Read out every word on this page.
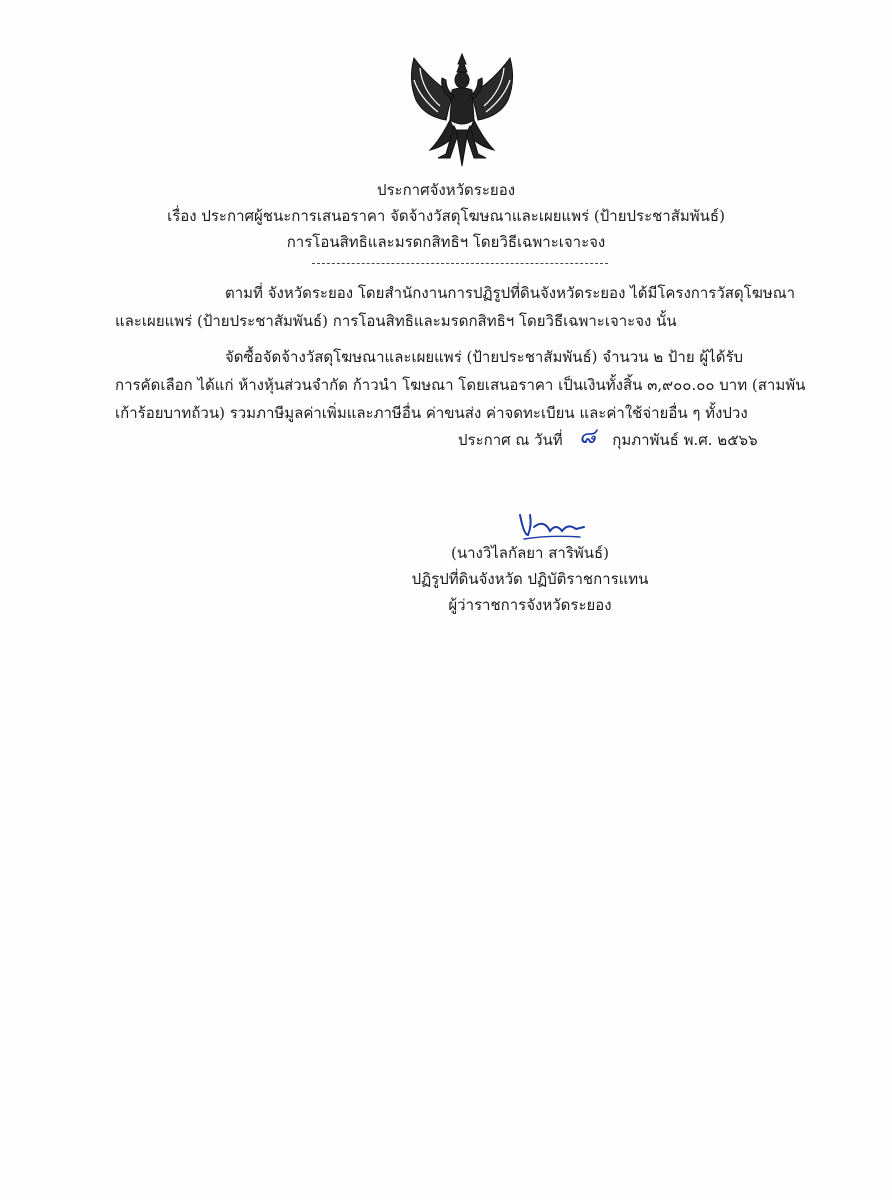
ประกาศจังหวัดระยอง
เรื่อง ประกาศผู้ชนะการเสนอราคา จัดจ้างวัสดุโฆษณาและเผยแพร่ (ป้ายประชาสัมพันธ์)
การโอนสิทธิและมรดกสิทธิฯ โดยวิธีเฉพาะเจาะจง
ตามที่ จังหวัดระยอง โดยสำนักงานการปฏิรูปที่ดินจังหวัดระยอง ได้มีโครงการวัสดุโฆษณา
และเผยแพร่ (ป้ายประชาสัมพันธ์) การโอนสิทธิและมรดกสิทธิฯ โดยวิธีเฉพาะเจาะจง นั้น
จัดซื้อจัดจ้างวัสดุโฆษณาและเผยแพร่ (ป้ายประชาสัมพันธ์) จำนวน ๒ ป้าย ผู้ได้รับ
การคัดเลือก ได้แก่ ห้างหุ้นส่วนจำกัด ก้าวนำ โฆษณา โดยเสนอราคา เป็นเงินทั้งสิ้น ๓,๙๐๐.๐๐ บาท (สามพัน
เก้าร้อยบาทถ้วน) รวมภาษีมูลค่าเพิ่มและภาษีอื่น ค่าขนส่ง ค่าจดทะเบียน และค่าใช้จ่ายอื่น ๆ ทั้งปวง
ประกาศ ณ วันที่ ๘ กุมภาพันธ์ พ.ศ. ๒๕๖๖
(นางวิไลกัลยา สาริพันธ์)
ปฏิรูปที่ดินจังหวัด ปฏิบัติราชการแทน
ผู้ว่าราชการจังหวัดระยอง
